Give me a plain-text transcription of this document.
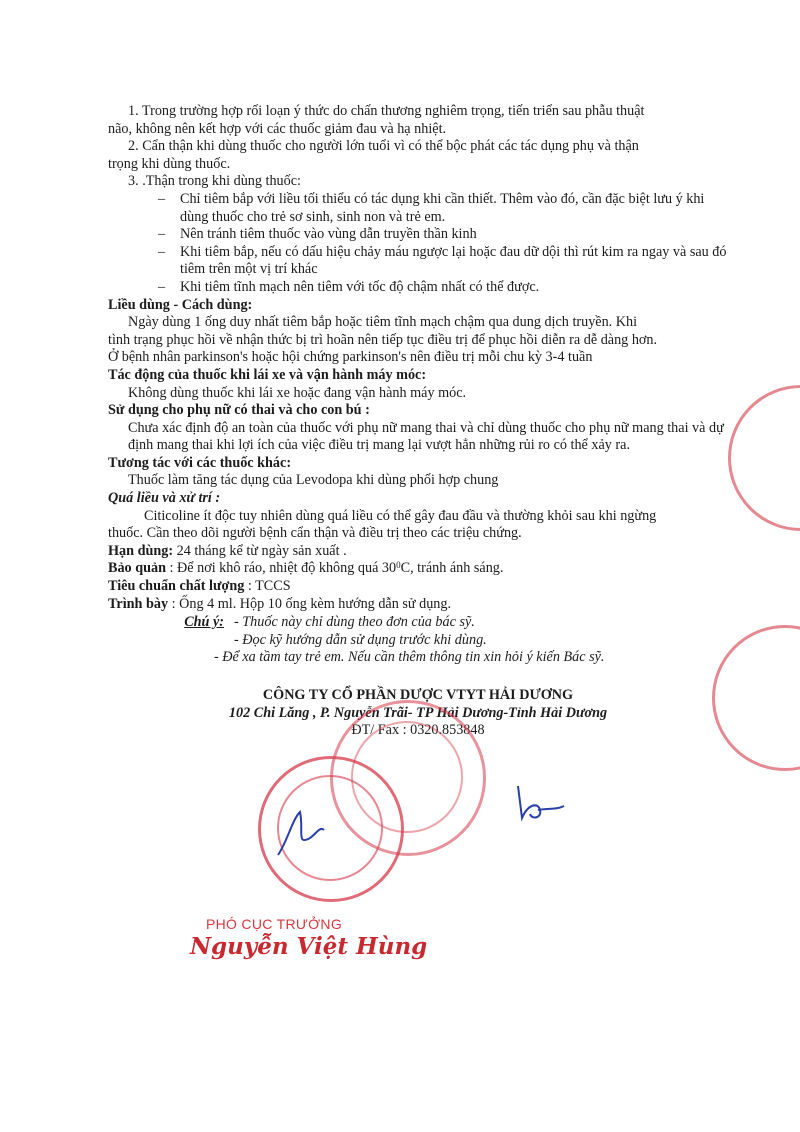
1. Trong trường hợp rối loạn ý thức do chấn thương nghiêm trọng, tiến triển sau phẫu thuật

não, không nên kết hợp với các thuốc giảm đau và hạ nhiệt.

2. Cẩn thận khi dùng thuốc cho người lớn tuổi vì có thể bộc phát các tác dụng phụ và thận

trọng khi dùng thuốc.

3. .Thận trong khi dùng thuốc:

–	Chỉ tiêm bắp với liều tối thiểu có tác dụng khi cần thiết. Thêm vào đó, cần đặc biệt lưu ý khi dùng thuốc cho trẻ sơ sinh, sinh non và trẻ em.
–	Nên tránh tiêm thuốc vào vùng dẫn truyền thần kinh
–	Khi tiêm bắp, nếu có dấu hiệu chảy máu ngược lại hoặc đau dữ dội thì rút kim ra ngay và sau đó tiêm trên một vị trí khác
–	Khi tiêm tĩnh mạch nên tiêm với tốc độ chậm nhất có thể được.

Liều dùng - Cách dùng:

Ngày dùng 1 ống duy nhất tiêm bắp hoặc tiêm tĩnh mạch chậm qua dung dịch truyền. Khi

tình trạng phục hồi về nhận thức bị trì hoãn nên tiếp tục điều trị để phục hồi diễn ra dễ dàng hơn.

Ở bệnh nhân parkinson's hoặc hội chứng parkinson's nên điều trị mỗi chu kỳ 3-4 tuần

Tác động của thuốc khi lái xe và vận hành máy móc:

Không dùng thuốc khi lái xe hoặc đang vận hành máy móc.

Sử dụng cho phụ nữ có thai và cho con bú :

Chưa xác định độ an toàn của thuốc với phụ nữ mang thai và chỉ dùng thuốc cho phụ nữ mang thai và dự định mang thai khi lợi ích của việc điều trị mang lại vượt hẳn những rủi ro có thể xảy ra.

Tương tác với các thuốc khác:

Thuốc làm tăng tác dụng của Levodopa khi dùng phối hợp chung

Quá liều và xử trí :

Citicoline ít độc tuy nhiên dùng quá liều có thể gây đau đầu và thường khỏi sau khi ngừng

thuốc. Cần theo dõi người bệnh cẩn thận và điều trị theo các triệu chứng.

Hạn dùng: 24 tháng kể từ ngày sản xuất .

Bảo quản : Để nơi khô ráo, nhiệt độ không quá $30^0C$, tránh ánh sáng.

Tiêu chuẩn chất lượng : TCCS

Trình bày : Ống 4 ml. Hộp 10 ống kèm hướng dẫn sử dụng.

Chú ý: - Thuốc này chỉ dùng theo đơn của bác sỹ.
- Đọc kỹ hướng dẫn sử dụng trước khi dùng.
- Để xa tầm tay trẻ em. Nếu cần thêm thông tin xin hỏi ý kiến Bác sỹ.
CÔNG TY CỔ PHẦN DƯỢC VTYT HẢI DƯƠNG
102 Chi Lăng , P. Nguyễn Trãi- TP Hải Dương-Tỉnh Hải Dương
ĐT/ Fax : 0320.853848
PHÓ CỤC TRƯỞNG
Nguyễn Việt Hùng
